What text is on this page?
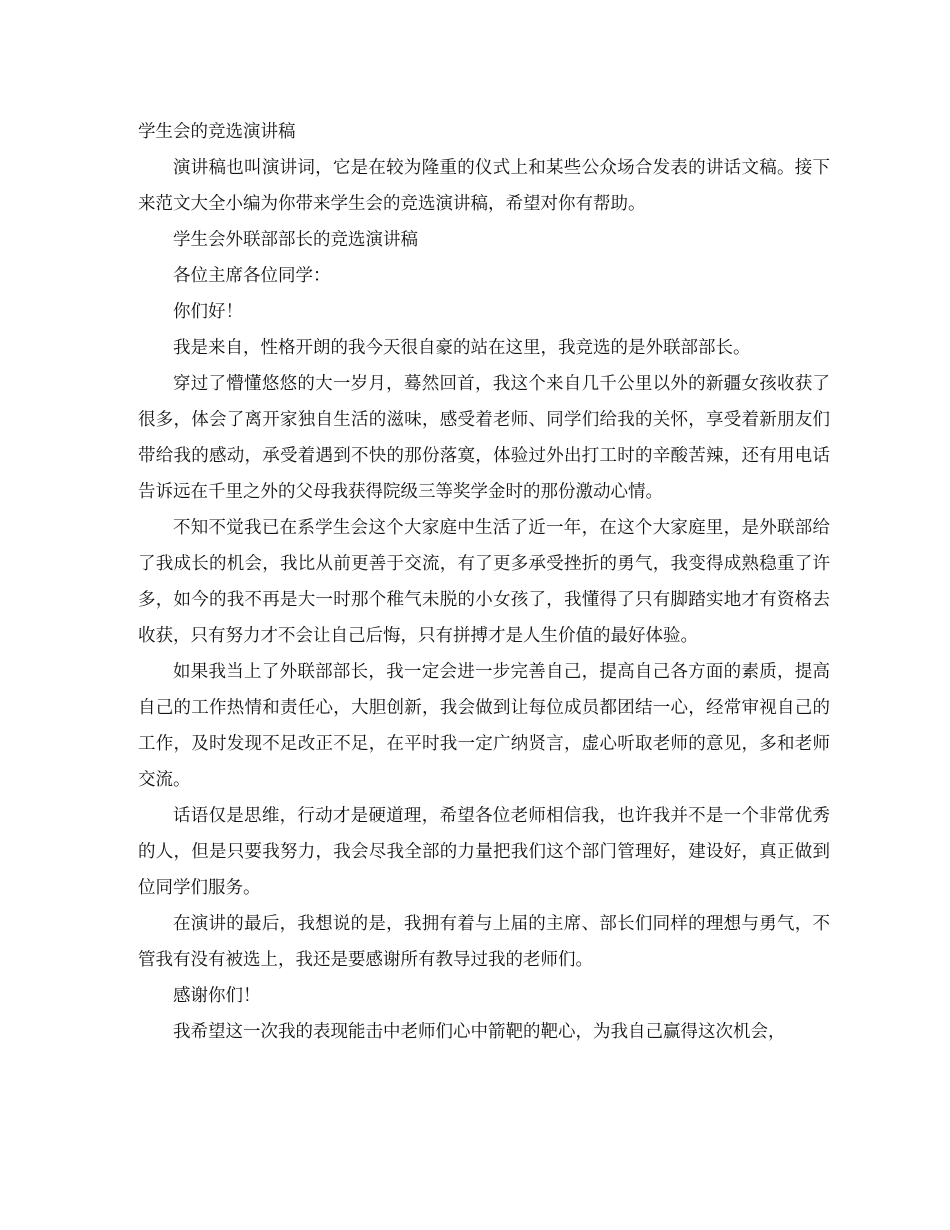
学生会的竞选演讲稿

演讲稿也叫演讲词，它是在较为隆重的仪式上和某些公众场合发表的讲话文稿。接下来范文大全小编为你带来学生会的竞选演讲稿，希望对你有帮助。

学生会外联部部长的竞选演讲稿

各位主席各位同学：

你们好！

我是来自，性格开朗的我今天很自豪的站在这里，我竞选的是外联部部长。

穿过了懵懂悠悠的大一岁月，蓦然回首，我这个来自几千公里以外的新疆女孩收获了很多，体会了离开家独自生活的滋味，感受着老师、同学们给我的关怀，享受着新朋友们带给我的感动，承受着遇到不快的那份落寞，体验过外出打工时的辛酸苦辣，还有用电话告诉远在千里之外的父母我获得院级三等奖学金时的那份激动心情。

不知不觉我已在系学生会这个大家庭中生活了近一年，在这个大家庭里，是外联部给了我成长的机会，我比从前更善于交流，有了更多承受挫折的勇气，我变得成熟稳重了许多，如今的我不再是大一时那个稚气未脱的小女孩了，我懂得了只有脚踏实地才有资格去收获，只有努力才不会让自己后悔，只有拼搏才是人生价值的最好体验。

如果我当上了外联部部长，我一定会进一步完善自己，提高自己各方面的素质，提高自己的工作热情和责任心，大胆创新，我会做到让每位成员都团结一心，经常审视自己的工作，及时发现不足改正不足，在平时我一定广纳贤言，虚心听取老师的意见，多和老师交流。

话语仅是思维，行动才是硬道理，希望各位老师相信我，也许我并不是一个非常优秀的人，但是只要我努力，我会尽我全部的力量把我们这个部门管理好，建设好，真正做到位同学们服务。

在演讲的最后，我想说的是，我拥有着与上届的主席、部长们同样的理想与勇气，不管我有没有被选上，我还是要感谢所有教导过我的老师们。

感谢你们！

我希望这一次我的表现能击中老师们心中箭靶的靶心，为我自己赢得这次机会，
